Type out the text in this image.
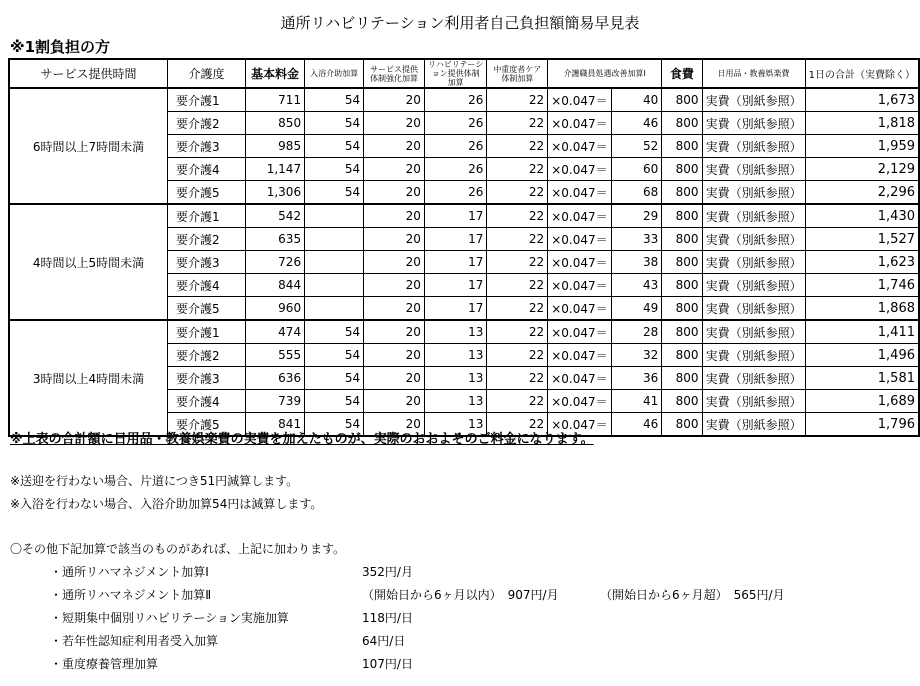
通所リハビリテーション利用者自己負担額簡易早見表
※1割負担の方
サービス提供時間	介護度	基本料金	入浴介助加算	サービス提供体制強化加算	リハビリテーション提供体制加算	中重度者ケア体制加算	介護職員処遇改善加算Ⅰ		食費	日用品・教養娯楽費	1日の合計（実費除く）
6時間以上7時間未満	要介護1	711	54	20	26	22	×0.047＝	40	800	実費（別紙参照）	1,673
	要介護2	850	54	20	26	22	×0.047＝	46	800	実費（別紙参照）	1,818
	要介護3	985	54	20	26	22	×0.047＝	52	800	実費（別紙参照）	1,959
	要介護4	1,147	54	20	26	22	×0.047＝	60	800	実費（別紙参照）	2,129
	要介護5	1,306	54	20	26	22	×0.047＝	68	800	実費（別紙参照）	2,296
4時間以上5時間未満	要介護1	542		20	17	22	×0.047＝	29	800	実費（別紙参照）	1,430
	要介護2	635		20	17	22	×0.047＝	33	800	実費（別紙参照）	1,527
	要介護3	726		20	17	22	×0.047＝	38	800	実費（別紙参照）	1,623
	要介護4	844		20	17	22	×0.047＝	43	800	実費（別紙参照）	1,746
	要介護5	960		20	17	22	×0.047＝	49	800	実費（別紙参照）	1,868
3時間以上4時間未満	要介護1	474	54	20	13	22	×0.047＝	28	800	実費（別紙参照）	1,411
	要介護2	555	54	20	13	22	×0.047＝	32	800	実費（別紙参照）	1,496
	要介護3	636	54	20	13	22	×0.047＝	36	800	実費（別紙参照）	1,581
	要介護4	739	54	20	13	22	×0.047＝	41	800	実費（別紙参照）	1,689
	要介護5	841	54	20	13	22	×0.047＝	46	800	実費（別紙参照）	1,796
※上表の合計額に日用品・教養娯楽費の実費を加えたものが、実際のおおよそのご料金になります。
※送迎を行わない場合、片道につき51円減算します。
※入浴を行わない場合、入浴介助加算54円は減算します。
〇その他下記加算で該当のものがあれば、上記に加わります。
・通所リハマネジメント加算Ⅰ	352円/月
・通所リハマネジメント加算Ⅱ	（開始日から6ヶ月以内）　907円/月	（開始日から6ヶ月超）　565円/月
・短期集中個別リハビリテーション実施加算	118円/日
・若年性認知症利用者受入加算	64円/日
・重度療養管理加算	107円/日
